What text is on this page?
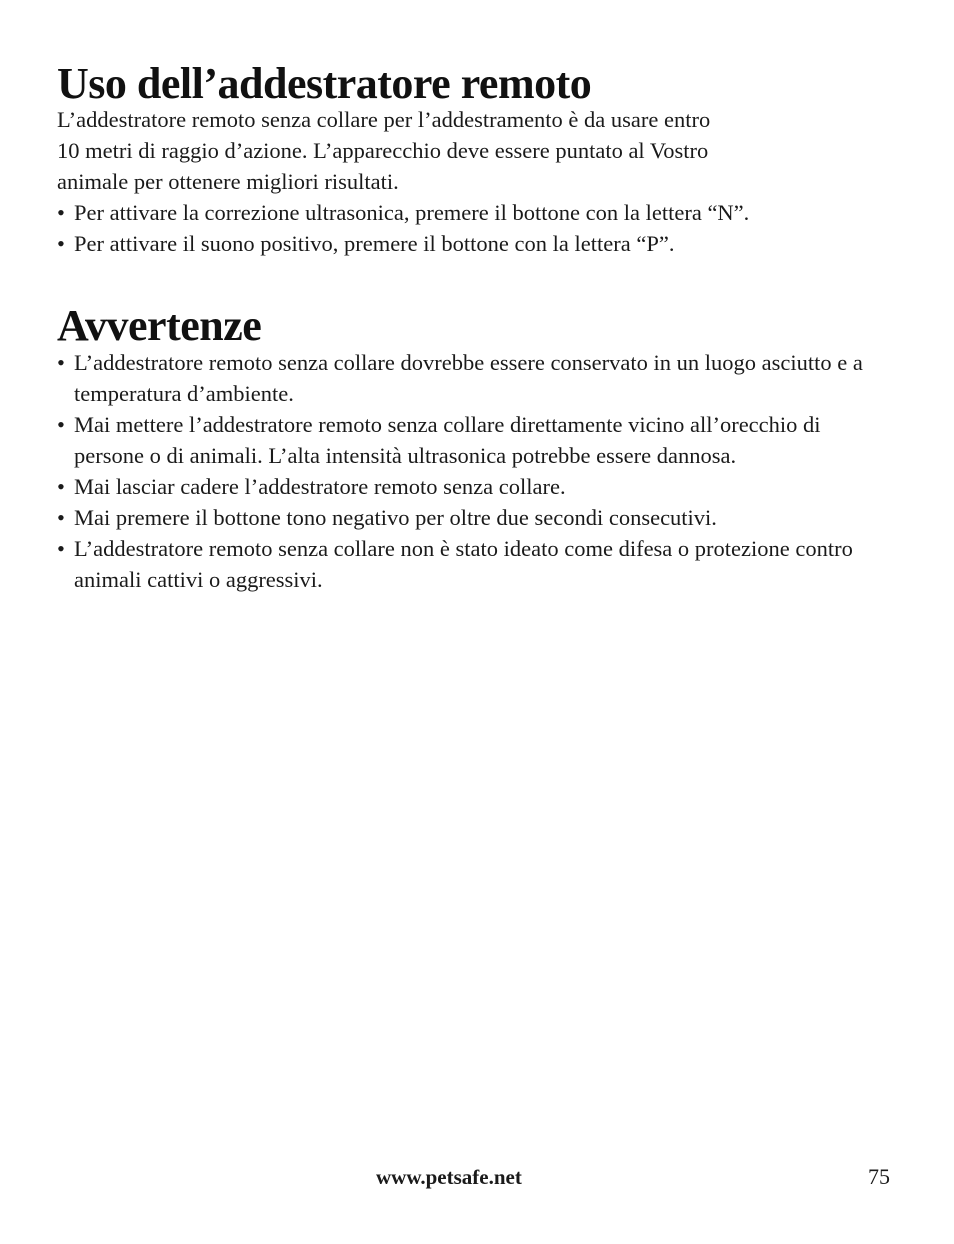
Uso dell’addestratore remoto

L’addestratore remoto senza collare per l’addestramento è da usare entro

10 metri di raggio d’azione. L’apparecchio deve essere puntato al Vostro

animale per ottenere migliori risultati.

• Per attivare la correzione ultrasonica, premere il bottone con la lettera “N”.
• Per attivare il suono positivo, premere il bottone con la lettera “P”.
Avvertenze
• L’addestratore remoto senza collare dovrebbe essere conservato in un luogo asciutto e a temperatura d’ambiente.
• Mai mettere l’addestratore remoto senza collare direttamente vicino all’orecchio di persone o di animali. L’alta intensità ultrasonica potrebbe essere dannosa.
• Mai lasciar cadere l’addestratore remoto senza collare.
• Mai premere il bottone tono negativo per oltre due secondi consecutivi.
• L’addestratore remoto senza collare non è stato ideato come difesa o protezione contro animali cattivi o aggressivi.
www.petsafe.net	75
